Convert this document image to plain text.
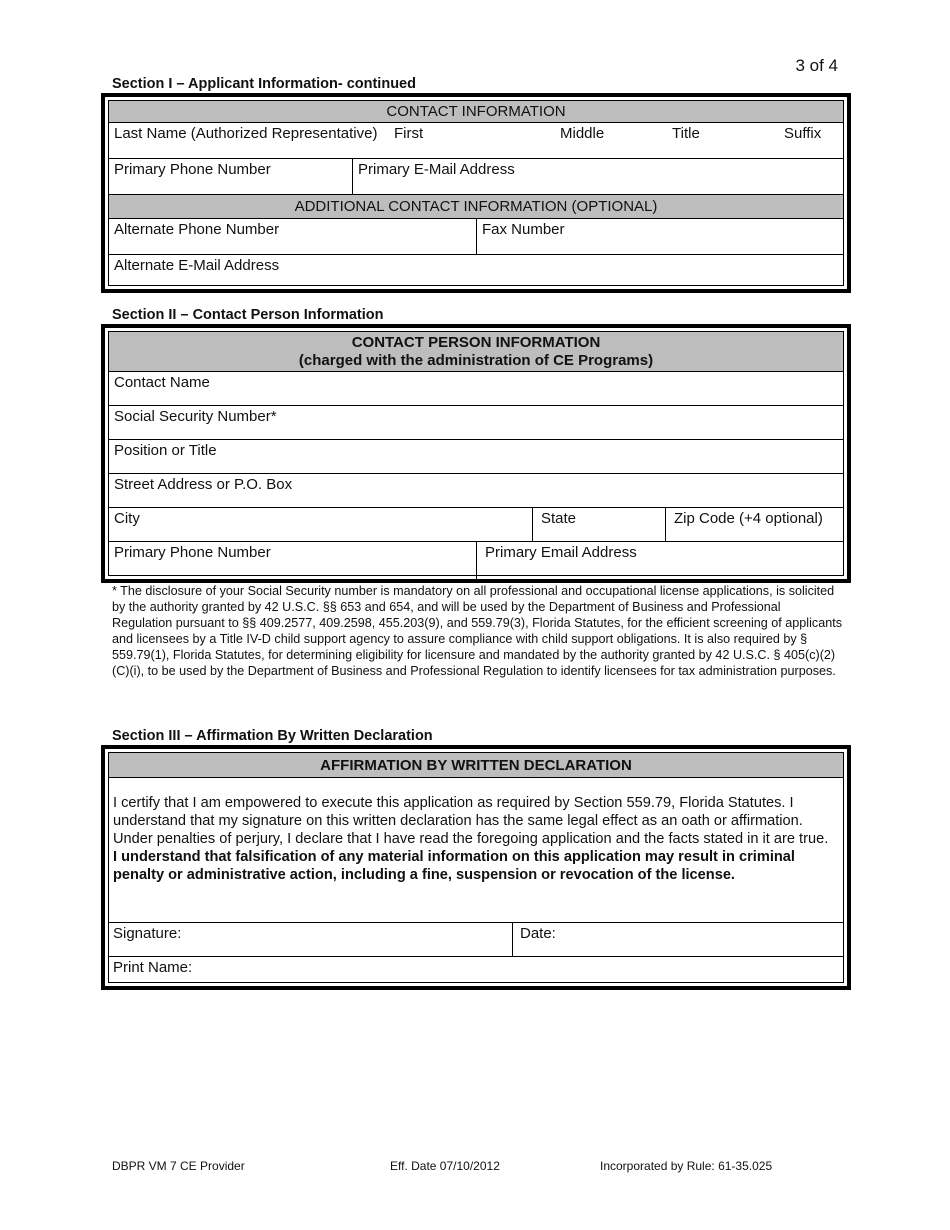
3 of 4
Section I – Applicant Information- continued
CONTACT INFORMATION
Last Name (Authorized Representative) First	Middle	Title	Suffix
Primary Phone Number	Primary E-Mail Address
ADDITIONAL CONTACT INFORMATION (OPTIONAL)
Alternate Phone Number	Fax Number
Alternate E-Mail Address
Section II – Contact Person Information
CONTACT PERSON INFORMATION
(charged with the administration of CE Programs)
Contact Name
Social Security Number*
Position or Title
Street Address or P.O. Box
City	State	Zip Code (+4 optional)
Primary Phone Number	Primary Email Address
* The disclosure of your Social Security number is mandatory on all professional and occupational license applications, is solicited by the authority granted by 42 U.S.C. §§ 653 and 654, and will be used by the Department of Business and Professional Regulation pursuant to §§ 409.2577, 409.2598, 455.203(9), and 559.79(3), Florida Statutes, for the efficient screening of applicants and licensees by a Title IV-D child support agency to assure compliance with child support obligations. It is also required by § 559.79(1), Florida Statutes, for determining eligibility for licensure and mandated by the authority granted by 42 U.S.C. § 405(c)(2)(C)(i), to be used by the Department of Business and Professional Regulation to identify licensees for tax administration purposes.
Section III – Affirmation By Written Declaration
AFFIRMATION BY WRITTEN DECLARATION
I certify that I am empowered to execute this application as required by Section 559.79, Florida Statutes. I understand that my signature on this written declaration has the same legal effect as an oath or affirmation. Under penalties of perjury, I declare that I have read the foregoing application and the facts stated in it are true.  I understand that falsification of any material information on this application may result in criminal penalty or administrative action, including a fine, suspension or revocation of the license.
Signature:	Date:
Print Name:
DBPR VM 7 CE Provider	Eff. Date 07/10/2012	Incorporated by Rule: 61-35.025
